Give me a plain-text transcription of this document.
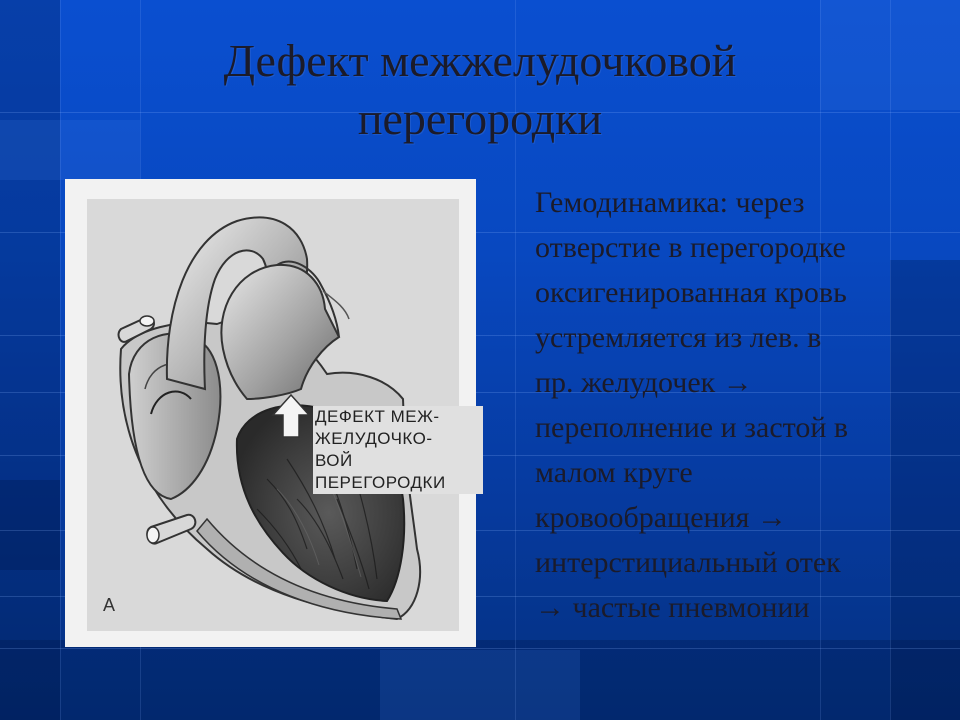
Дефект межжелудочковой
перегородки
ДЕФЕКТ МЕЖ-
ЖЕЛУДОЧКО-
ВОЙ
ПЕРЕГОРОДКИ
А
Гемодинамика: через
отверстие в перегородке
оксигенированная кровь
устремляется из лев. в
пр. желудочек →
переполнение и застой в
малом круге
кровообращения →
интерстициальный отек
→ частые пневмонии
